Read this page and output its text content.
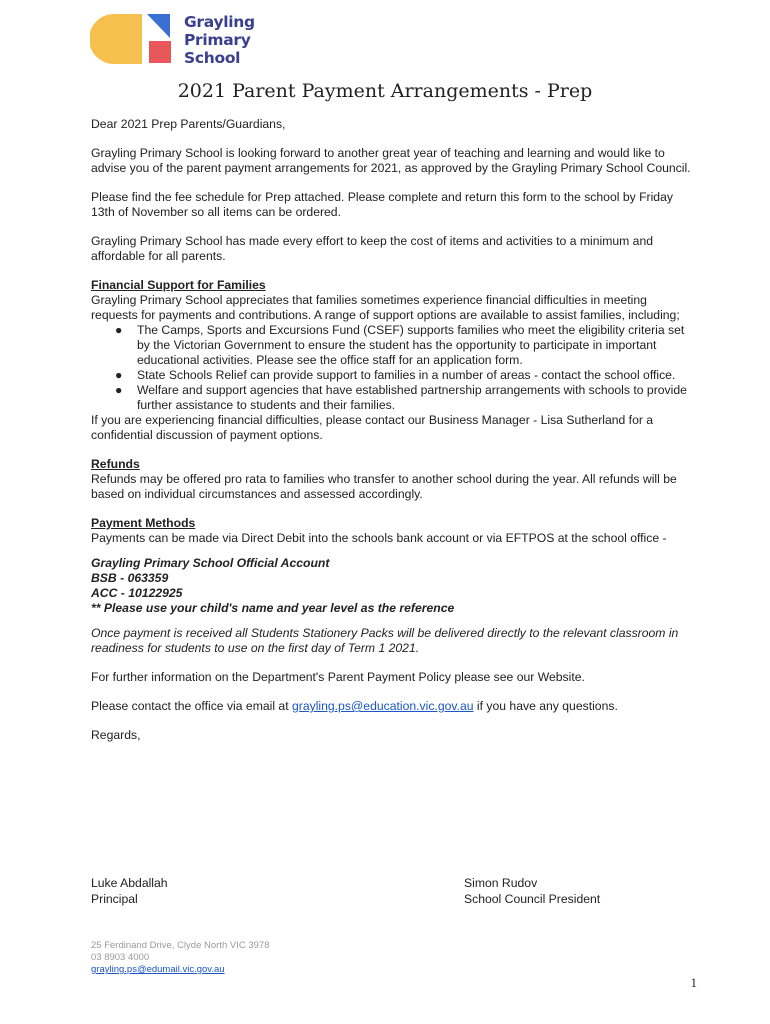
Grayling
Primary
School
2021 Parent Payment Arrangements - Prep

Dear 2021 Prep Parents/Guardians,

Grayling Primary School is looking forward to another great year of teaching and learning and would like to advise you of the parent payment arrangements for 2021, as approved by the Grayling Primary School Council.

Please find the fee schedule for Prep attached. Please complete and return this form to the school by Friday 13th of November so all items can be ordered.

Grayling Primary School has made every effort to keep the cost of items and activities to a minimum and affordable for all parents.

Financial Support for Families

Grayling Primary School appreciates that families sometimes experience financial difficulties in meeting requests for payments and contributions. A range of support options are available to assist families, including;

● The Camps, Sports and Excursions Fund (CSEF) supports families who meet the eligibility criteria set by the Victorian Government to ensure the student has the opportunity to participate in important educational activities. Please see the office staff for an application form.
● State Schools Relief can provide support to families in a number of areas - contact the school office.
● Welfare and support agencies that have established partnership arrangements with schools to provide further assistance to students and their families.

If you are experiencing financial difficulties, please contact our Business Manager - Lisa Sutherland for a confidential discussion of payment options.

Refunds

Refunds may be offered pro rata to families who transfer to another school during the year. All refunds will be based on individual circumstances and assessed accordingly.

Payment Methods

Payments can be made via Direct Debit into the schools bank account or via EFTPOS at the school office -

Grayling Primary School Official Account

BSB - 063359

ACC - 10122925

** Please use your child's name and year level as the reference

Once payment is received all Students Stationery Packs will be delivered directly to the relevant classroom in readiness for students to use on the first day of Term 1 2021.

For further information on the Department's Parent Payment Policy please see our Website.

Please contact the office via email at grayling.ps@education.vic.gov.au if you have any questions.

Regards,

Luke Abdallah
Principal
Simon Rudov
School Council President
25 Ferdinand Drive, Clyde North VIC 3978
03 8903 4000
grayling.ps@edumail.vic.gov.au
1
